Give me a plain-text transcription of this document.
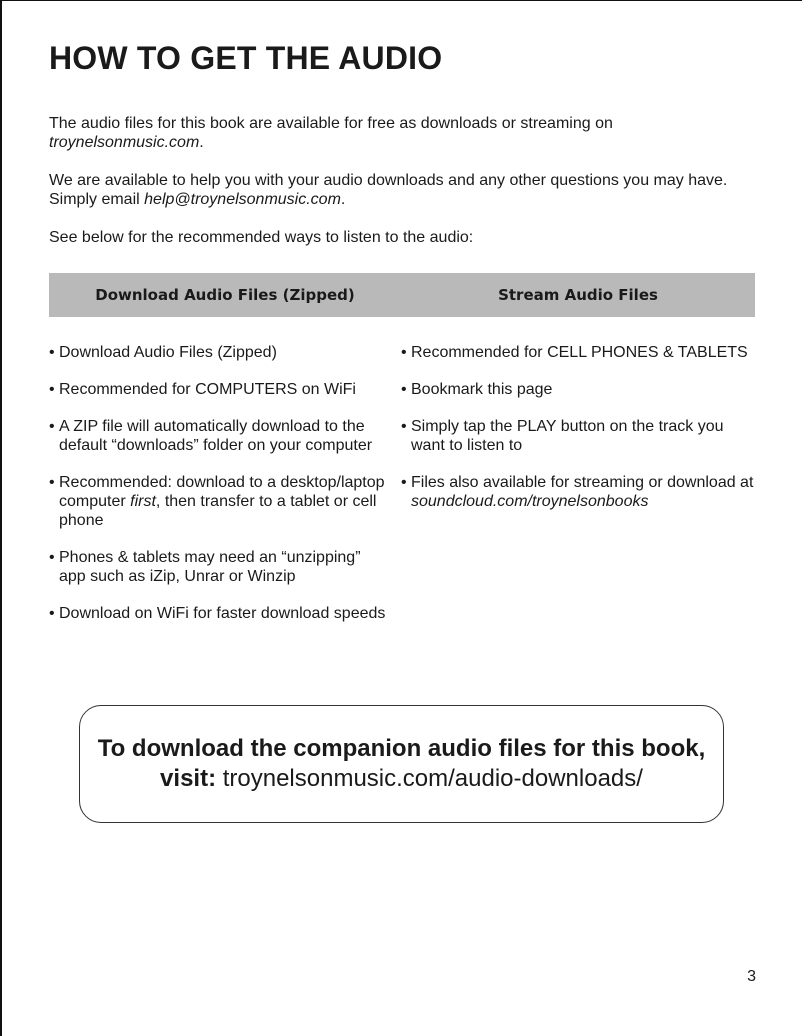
HOW TO GET THE AUDIO

The audio files for this book are available for free as downloads or streaming on
troynelsonmusic.com.

We are available to help you with your audio downloads and any other questions you may have. Simply email help@troynelsonmusic.com.

See below for the recommended ways to listen to the audio:

Download Audio Files (Zipped)	Stream Audio Files
• Download Audio Files (Zipped)
• Recommended for COMPUTERS on WiFi
• A ZIP file will automatically download to the default “downloads” folder on your computer
• Recommended: download to a desktop/laptop computer first, then transfer to a tablet or cell phone
• Phones & tablets may need an “unzipping” app such as iZip, Unrar or Winzip
• Download on WiFi for faster download speeds
• Recommended for CELL PHONES & TABLETS
• Bookmark this page
• Simply tap the PLAY button on the track you want to listen to
• Files also available for streaming or download at
soundcloud.com/troynelsonbooks
To download the companion audio files for this book,
visit: troynelsonmusic.com/audio-downloads/
3
